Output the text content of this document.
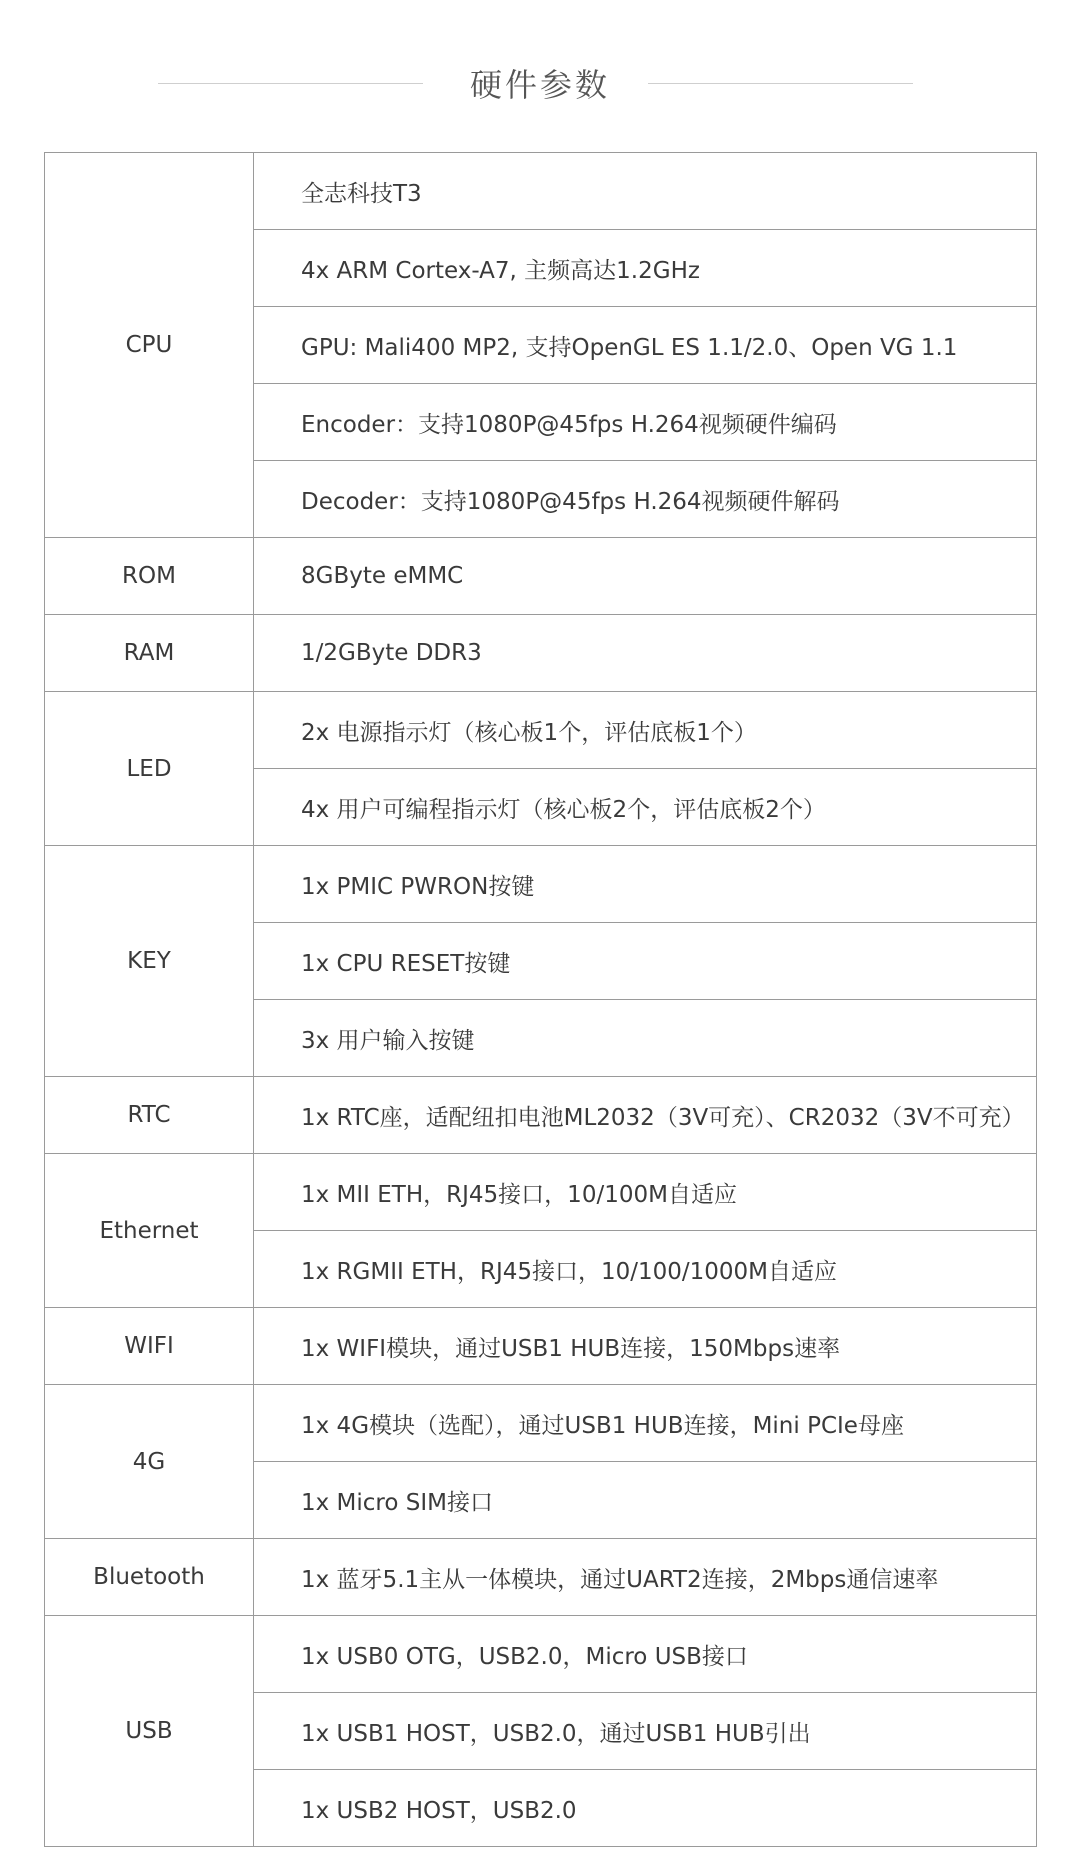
硬件参数
CPU	全志科技T3
	4x ARM Cortex-A7, 主频高达1.2GHz
	GPU: Mali400 MP2, 支持OpenGL ES 1.1/2.0、Open VG 1.1
	Encoder：支持1080P@45fps H.264视频硬件编码
	Decoder：支持1080P@45fps H.264视频硬件解码
ROM	8GByte eMMC
RAM	1/2GByte DDR3
LED	2x 电源指示灯（核心板1个，评估底板1个）
	4x 用户可编程指示灯（核心板2个，评估底板2个）
KEY	1x PMIC PWRON按键
	1x CPU RESET按键
	3x 用户输入按键
RTC	1x RTC座，适配纽扣电池ML2032（3V可充）、CR2032（3V不可充）
Ethernet	1x MII ETH，RJ45接口，10/100M自适应
	1x RGMII ETH，RJ45接口，10/100/1000M自适应
WIFI	1x WIFI模块，通过USB1 HUB连接，150Mbps速率
4G	1x 4G模块（选配），通过USB1 HUB连接，Mini PCIe母座
	1x Micro SIM接口
Bluetooth	1x 蓝牙5.1主从一体模块，通过UART2连接，2Mbps通信速率
USB	1x USB0 OTG，USB2.0，Micro USB接口
	1x USB1 HOST，USB2.0，通过USB1 HUB引出
	1x USB2 HOST，USB2.0
